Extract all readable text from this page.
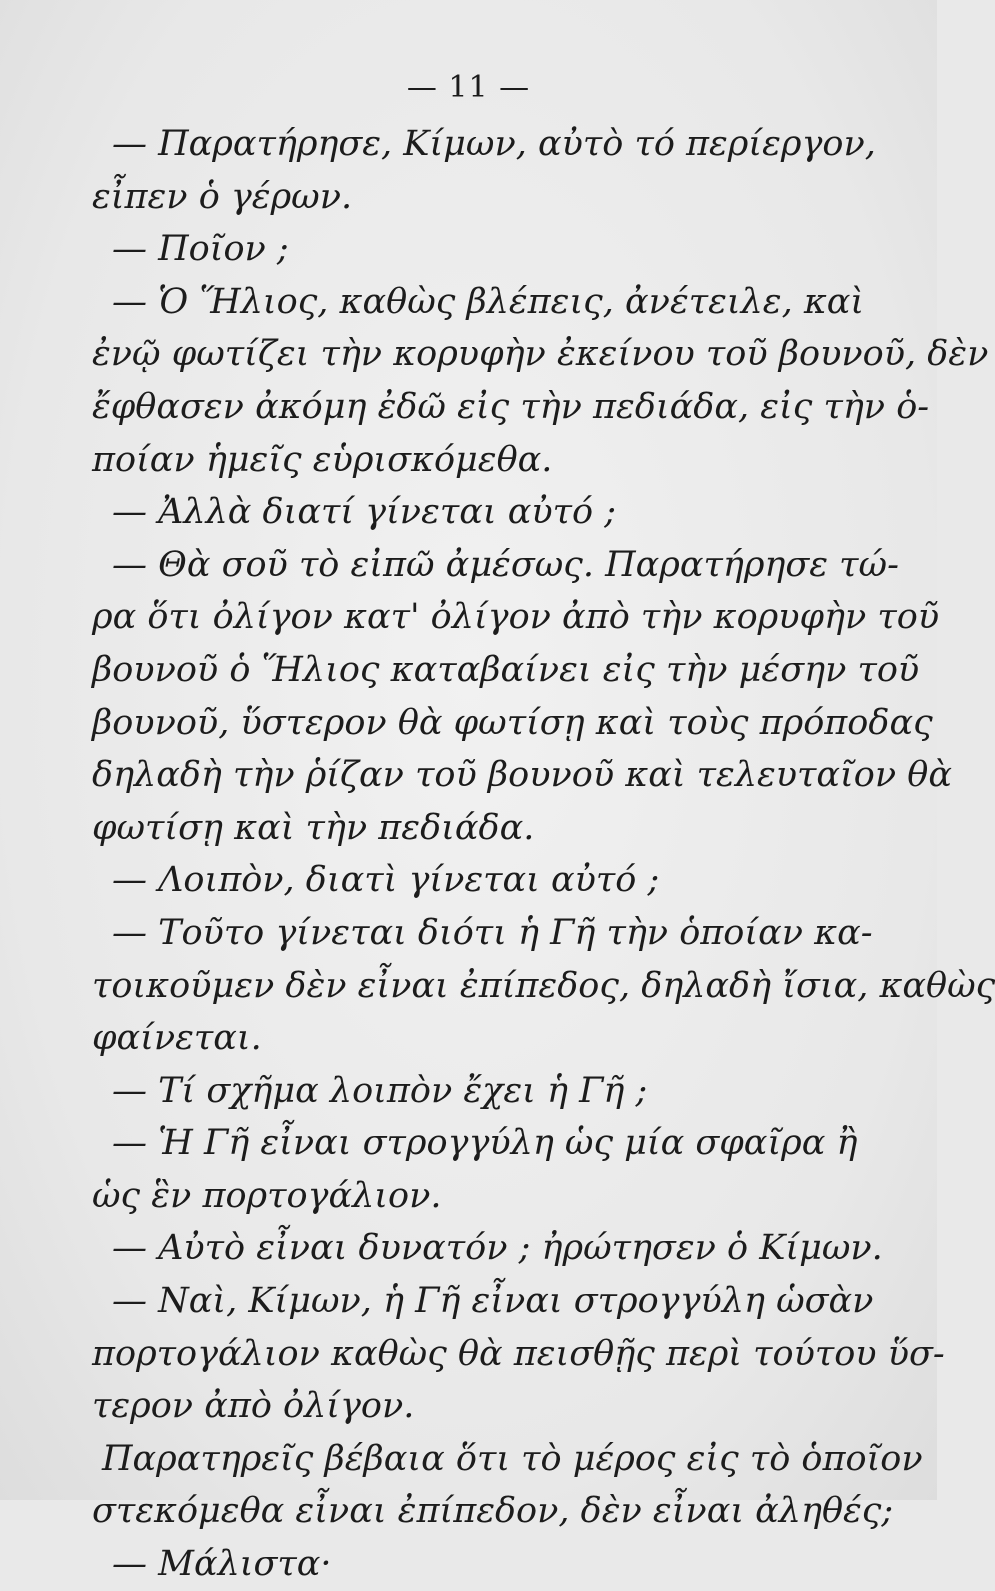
— 11 —
— Παρατήρησε, Κίμων, αὐτὸ τό περίεργον,
εἶπεν ὁ γέρων.
— Ποῖον ;
— Ὁ Ἥλιος, καθὼς βλέπεις, ἀνέτειλε, καὶ
ἐνῷ φωτίζει τὴν κορυφὴν ἐκείνου τοῦ βουνοῦ, δὲν
ἔφθασεν ἀκόμη ἐδῶ εἰς τὴν πεδιάδα, εἰς τὴν ὁ-
ποίαν ἡμεῖς εὑρισκόμεθα.
— Ἀλλὰ διατί γίνεται αὐτό ;
— Θὰ σοῦ τὸ εἰπῶ ἀμέσως. Παρατήρησε τώ-
ρα ὅτι ὀλίγον κατ' ὀλίγον ἀπὸ τὴν κορυφὴν τοῦ
βουνοῦ ὁ Ἥλιος καταβαίνει εἰς τὴν μέσην τοῦ
βουνοῦ, ὕστερον θὰ φωτίσῃ καὶ τοὺς πρόποδας
δηλαδὴ τὴν ῥίζαν τοῦ βουνοῦ καὶ τελευταῖον θὰ
φωτίσῃ καὶ τὴν πεδιάδα.
— Λοιπὸν, διατὶ γίνεται αὐτό ;
— Τοῦτο γίνεται διότι ἡ Γῆ τὴν ὁποίαν κα-
τοικοῦμεν δὲν εἶναι ἐπίπεδος, δηλαδὴ ἴσια, καθὼς
φαίνεται.
— Τί σχῆμα λοιπὸν ἔχει ἡ Γῆ ;
— Ἡ Γῆ εἶναι στρογγύλη ὡς μία σφαῖρα ἢ
ὡς ἓν πορτογάλιον.
— Αὐτὸ εἶναι δυνατόν ; ἠρώτησεν ὁ Κίμων.
— Ναὶ, Κίμων, ἡ Γῆ εἶναι στρογγύλη ὡσὰν
πορτογάλιον καθὼς θὰ πεισθῇς περὶ τούτου ὕσ-
τερον ἀπὸ ὀλίγον.
Παρατηρεῖς βέβαια ὅτι τὸ μέρος εἰς τὸ ὁποῖον
στεκόμεθα εἶναι ἐπίπεδον, δὲν εἶναι ἀληθές;
— Μάλιστα·
